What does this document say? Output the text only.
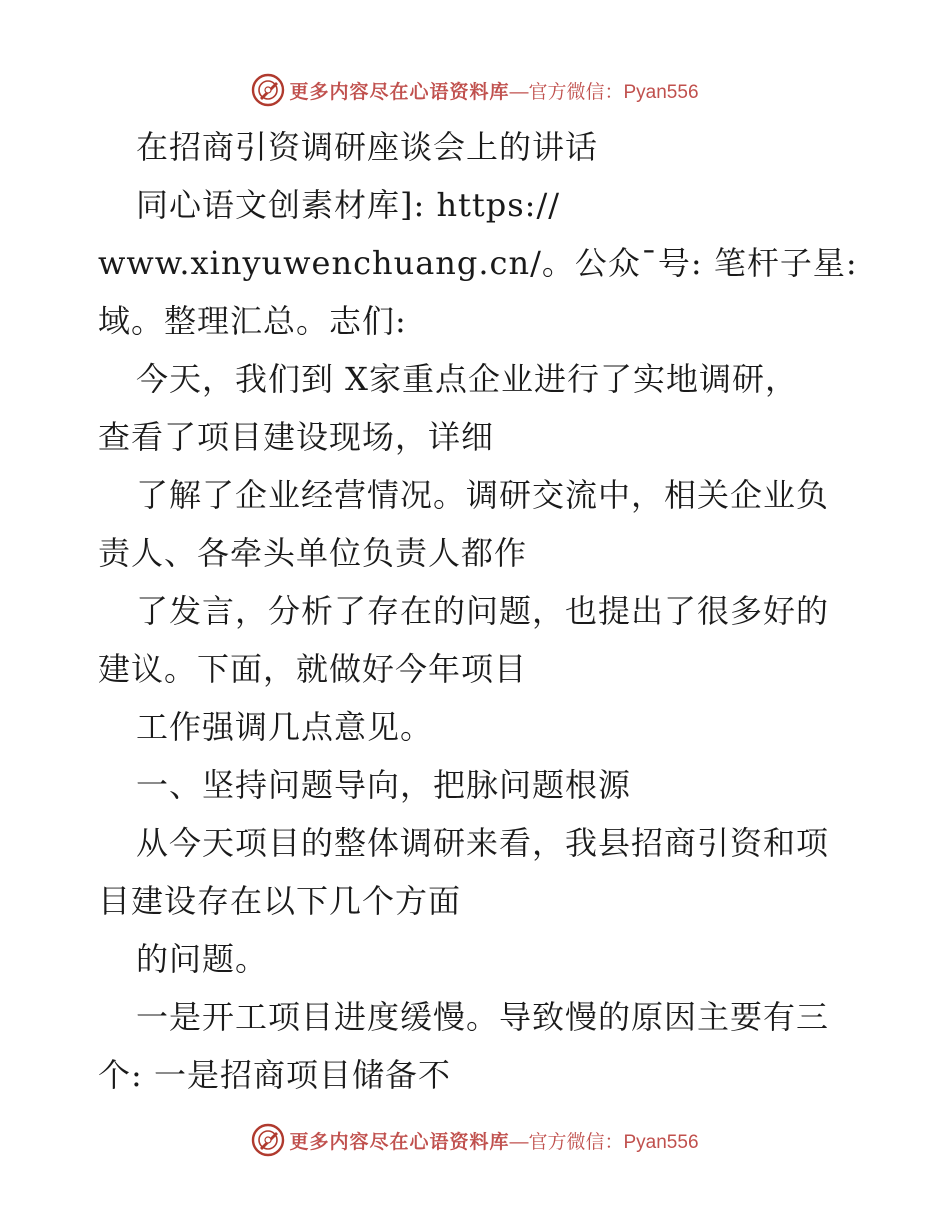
更多内容尽在心语资料库 —官方微信：Pyan556
在招商引资调研座谈会上的讲话
同心语文创素材库]: https://
www.xinyuwenchuang.cn/。公众¯号: 笔杆子星:
域。整理汇总。志们:
今天，我们到 X家重点企业进行了实地调研，
查看了项目建设现场，详细
了解了企业经营情况。调研交流中，相关企业负
责人、各牵头单位负责人都作
了发言，分析了存在的问题，也提出了很多好的
建议。下面，就做好今年项目
工作强调几点意见。
一、坚持问题导向，把脉问题根源
从今天项目的整体调研来看，我县招商引资和项
目建设存在以下几个方面
的问题。
一是开工项目进度缓慢。导致慢的原因主要有三
个: 一是招商项目储备不
更多内容尽在心语资料库 —官方微信：Pyan556
